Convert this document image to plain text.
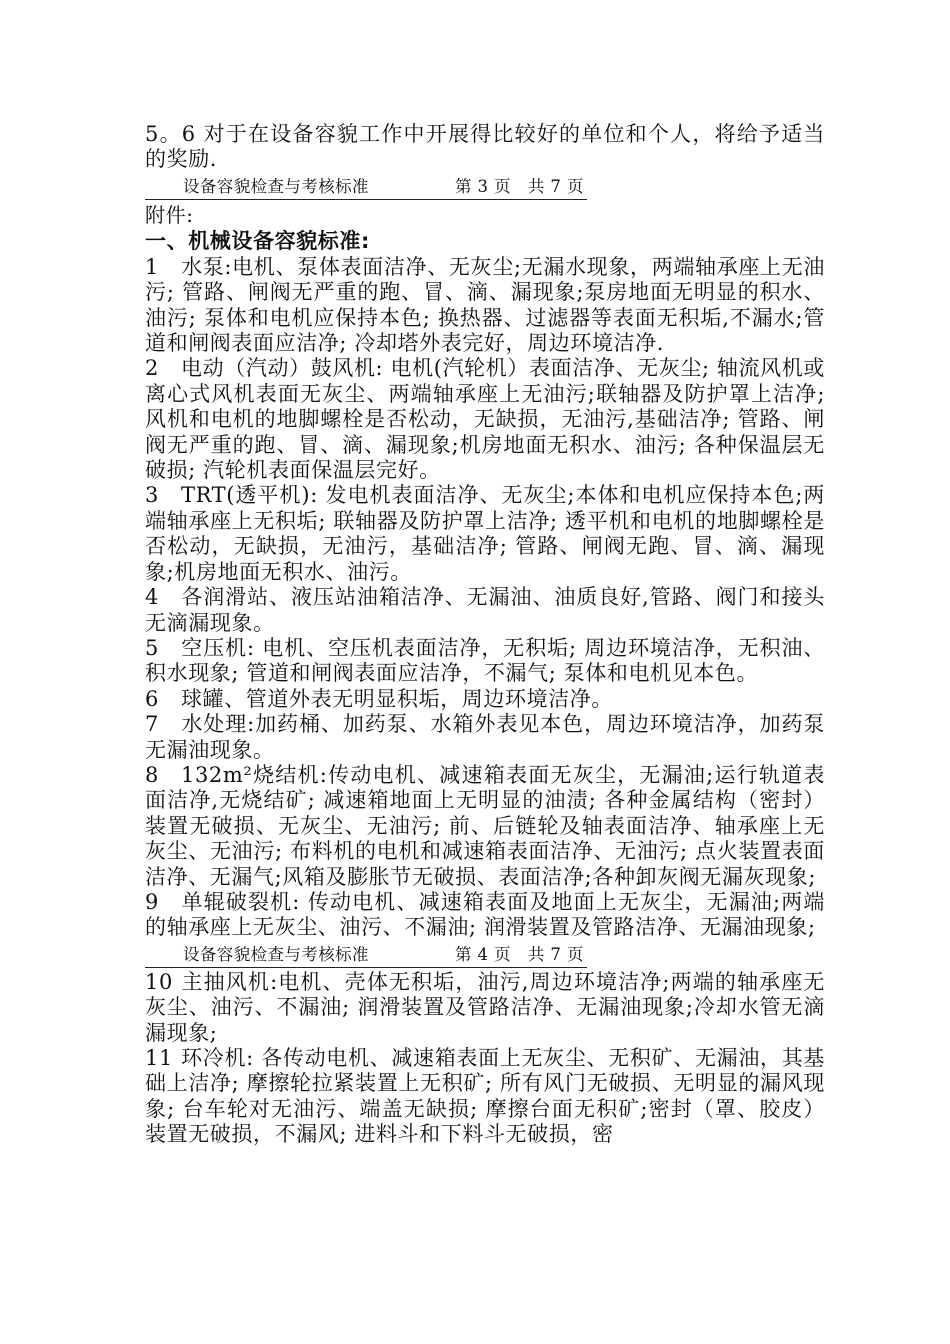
5。6 对于在设备容貌工作中开展得比较好的单位和个人，将给予适当的奖励.

设备容貌检查与考核标准	第 3 页　共 7 页

附件:

一、机械设备容貌标准:

1 水泵:电机、泵体表面洁净、无灰尘;无漏水现象，两端轴承座上无油污; 管路、闸阀无严重的跑、冒、滴、漏现象;泵房地面无明显的积水、油污; 泵体和电机应保持本色; 换热器、过滤器等表面无积垢,不漏水;管道和闸阀表面应洁净; 冷却塔外表完好，周边环境洁净.

2 电动（汽动）鼓风机: 电机(汽轮机）表面洁净、无灰尘; 轴流风机或离心式风机表面无灰尘、两端轴承座上无油污;联轴器及防护罩上洁净; 风机和电机的地脚螺栓是否松动，无缺损，无油污,基础洁净; 管路、闸阀无严重的跑、冒、滴、漏现象;机房地面无积水、油污; 各种保温层无破损; 汽轮机表面保温层完好。

3 TRT(透平机): 发电机表面洁净、无灰尘;本体和电机应保持本色;两端轴承座上无积垢; 联轴器及防护罩上洁净; 透平机和电机的地脚螺栓是否松动，无缺损，无油污，基础洁净; 管路、闸阀无跑、冒、滴、漏现象;机房地面无积水、油污。

4 各润滑站、液压站油箱洁净、无漏油、油质良好,管路、阀门和接头无滴漏现象。

5 空压机: 电机、空压机表面洁净，无积垢; 周边环境洁净，无积油、积水现象; 管道和闸阀表面应洁净，不漏气; 泵体和电机见本色。

6 球罐、管道外表无明显积垢，周边环境洁净。

7 水处理:加药桶、加药泵、水箱外表见本色，周边环境洁净，加药泵无漏油现象。

8 132m²烧结机:传动电机、减速箱表面无灰尘，无漏油;运行轨道表面洁净,无烧结矿; 减速箱地面上无明显的油渍; 各种金属结构（密封）装置无破损、无灰尘、无油污; 前、后链轮及轴表面洁净、轴承座上无灰尘、无油污; 布料机的电机和减速箱表面洁净、无油污; 点火装置表面洁净、无漏气;风箱及膨胀节无破损、表面洁净;各种卸灰阀无漏灰现象;

9 单辊破裂机: 传动电机、减速箱表面及地面上无灰尘，无漏油;两端的轴承座上无灰尘、油污、不漏油; 润滑装置及管路洁净、无漏油现象;

设备容貌检查与考核标准	第 4 页　共 7 页

10 主抽风机:电机、壳体无积垢，油污,周边环境洁净;两端的轴承座无灰尘、油污、不漏油; 润滑装置及管路洁净、无漏油现象;冷却水管无滴漏现象;

11 环冷机: 各传动电机、减速箱表面上无灰尘、无积矿、无漏油，其基础上洁净; 摩擦轮拉紧装置上无积矿; 所有风门无破损、无明显的漏风现象; 台车轮对无油污、端盖无缺损; 摩擦台面无积矿;密封（罩、胶皮）装置无破损，不漏风; 进料斗和下料斗无破损，密
